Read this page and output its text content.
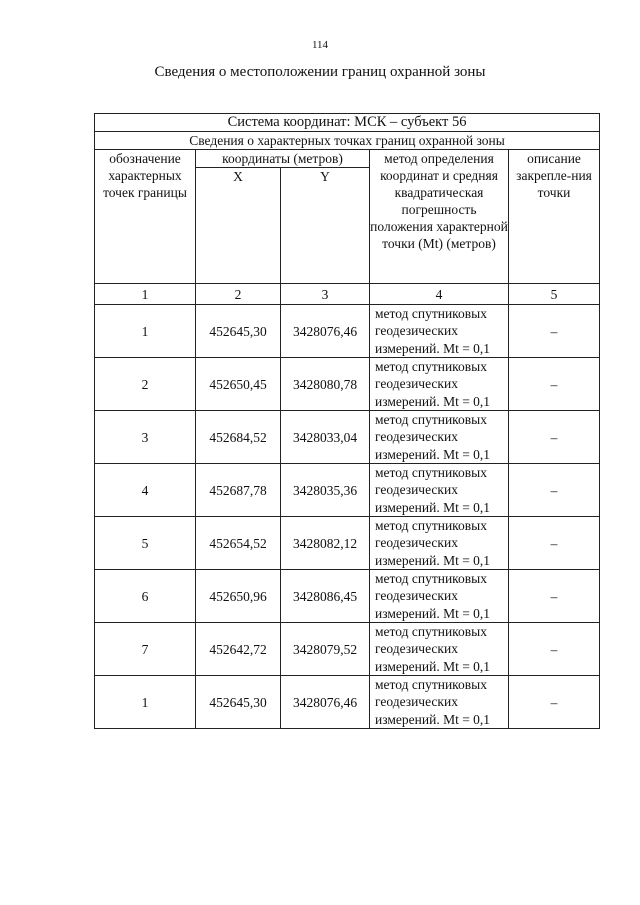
114
Сведения о местоположении границ охранной зоны
Система координат: МСК – субъект 56				
Сведения о характерных точках границ охранной зоны				
обозначение характерных точек границы	координаты (метров)		метод определения координат и средняя квадратическая погрешность положения характерной точки (Mt) (метров)	описание закрепле-ния точки
	X	Y		
1	2	3	4	5
1	452645,30	3428076,46	метод спутниковых геодезических измерений. Mt = 0,1	–
2	452650,45	3428080,78	метод спутниковых геодезических измерений. Mt = 0,1	–
3	452684,52	3428033,04	метод спутниковых геодезических измерений. Mt = 0,1	–
4	452687,78	3428035,36	метод спутниковых геодезических измерений. Mt = 0,1	–
5	452654,52	3428082,12	метод спутниковых геодезических измерений. Mt = 0,1	–
6	452650,96	3428086,45	метод спутниковых геодезических измерений. Mt = 0,1	–
7	452642,72	3428079,52	метод спутниковых геодезических измерений. Mt = 0,1	–
1	452645,30	3428076,46	метод спутниковых геодезических измерений. Mt = 0,1	–
